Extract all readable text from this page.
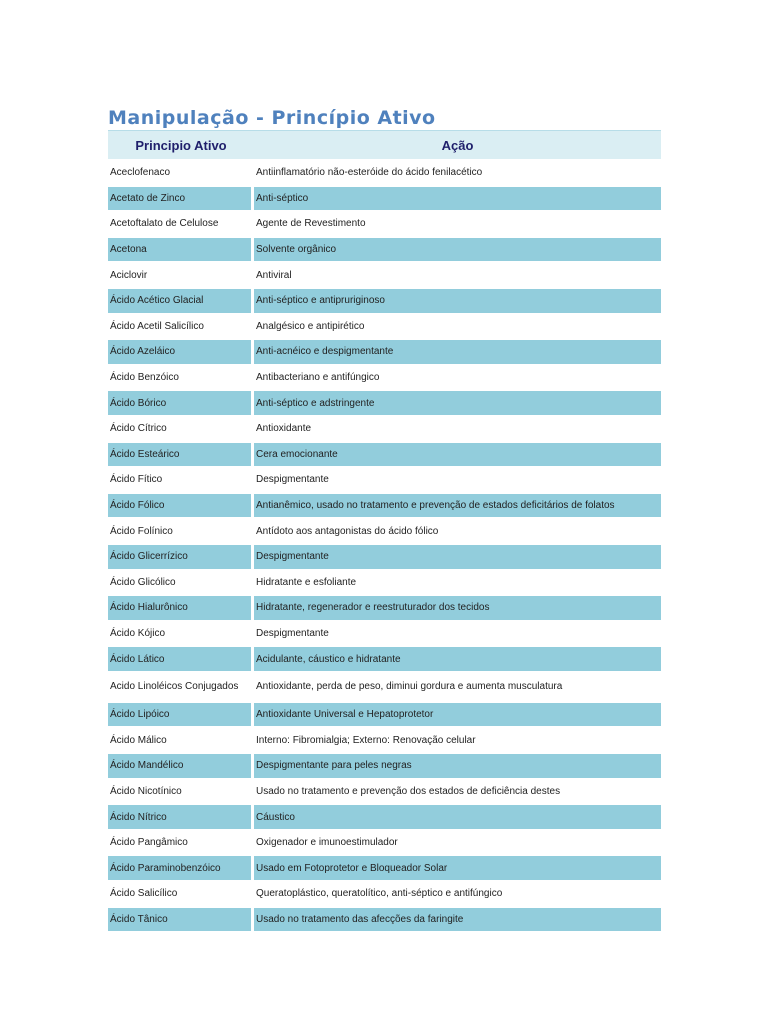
Manipulação - Princípio Ativo
Principio Ativo	Ação
Aceclofenaco	Antiinflamatório não-esteróide do ácido fenilacético
Acetato de Zinco	Anti-séptico
Acetoftalato de Celulose	Agente de Revestimento
Acetona	Solvente orgânico
Aciclovir	Antiviral
Ácido Acético Glacial	Anti-séptico e antipruriginoso
Ácido Acetil Salicílico	Analgésico e antipirético
Ácido Azeláico	Anti-acnéico e despigmentante
Ácido Benzóico	Antibacteriano e antifúngico
Ácido Bórico	Anti-séptico e adstringente
Ácido Cítrico	Antioxidante
Ácido Esteárico	Cera emocionante
Ácido Fítico	Despigmentante
Ácido Fólico	Antianêmico, usado no tratamento e prevenção de estados deficitários de folatos
Ácido Folínico	Antídoto aos antagonistas do ácido fólico
Ácido Glicerrízico	Despigmentante
Ácido Glicólico	Hidratante e esfoliante
Ácido Hialurônico	Hidratante, regenerador e reestruturador dos tecidos
Ácido Kójico	Despigmentante
Ácido Lático	Acidulante, cáustico e hidratante
Acido Linoléicos Conjugados	Antioxidante, perda de peso, diminui gordura e aumenta musculatura
Ácido Lipóico	Antioxidante Universal e Hepatoprotetor
Ácido Málico	Interno: Fibromialgia; Externo: Renovação celular
Ácido Mandélico	Despigmentante para peles negras
Ácido Nicotínico	Usado no tratamento e prevenção dos estados de deficiência destes
Ácido Nítrico	Cáustico
Ácido Pangâmico	Oxigenador e imunoestimulador
Ácido Paraminobenzóico	Usado em Fotoprotetor e Bloqueador Solar
Ácido Salicílico	Queratoplástico, queratolítico, anti-séptico e antifúngico
Ácido Tânico	Usado no tratamento das afecções da faringite
